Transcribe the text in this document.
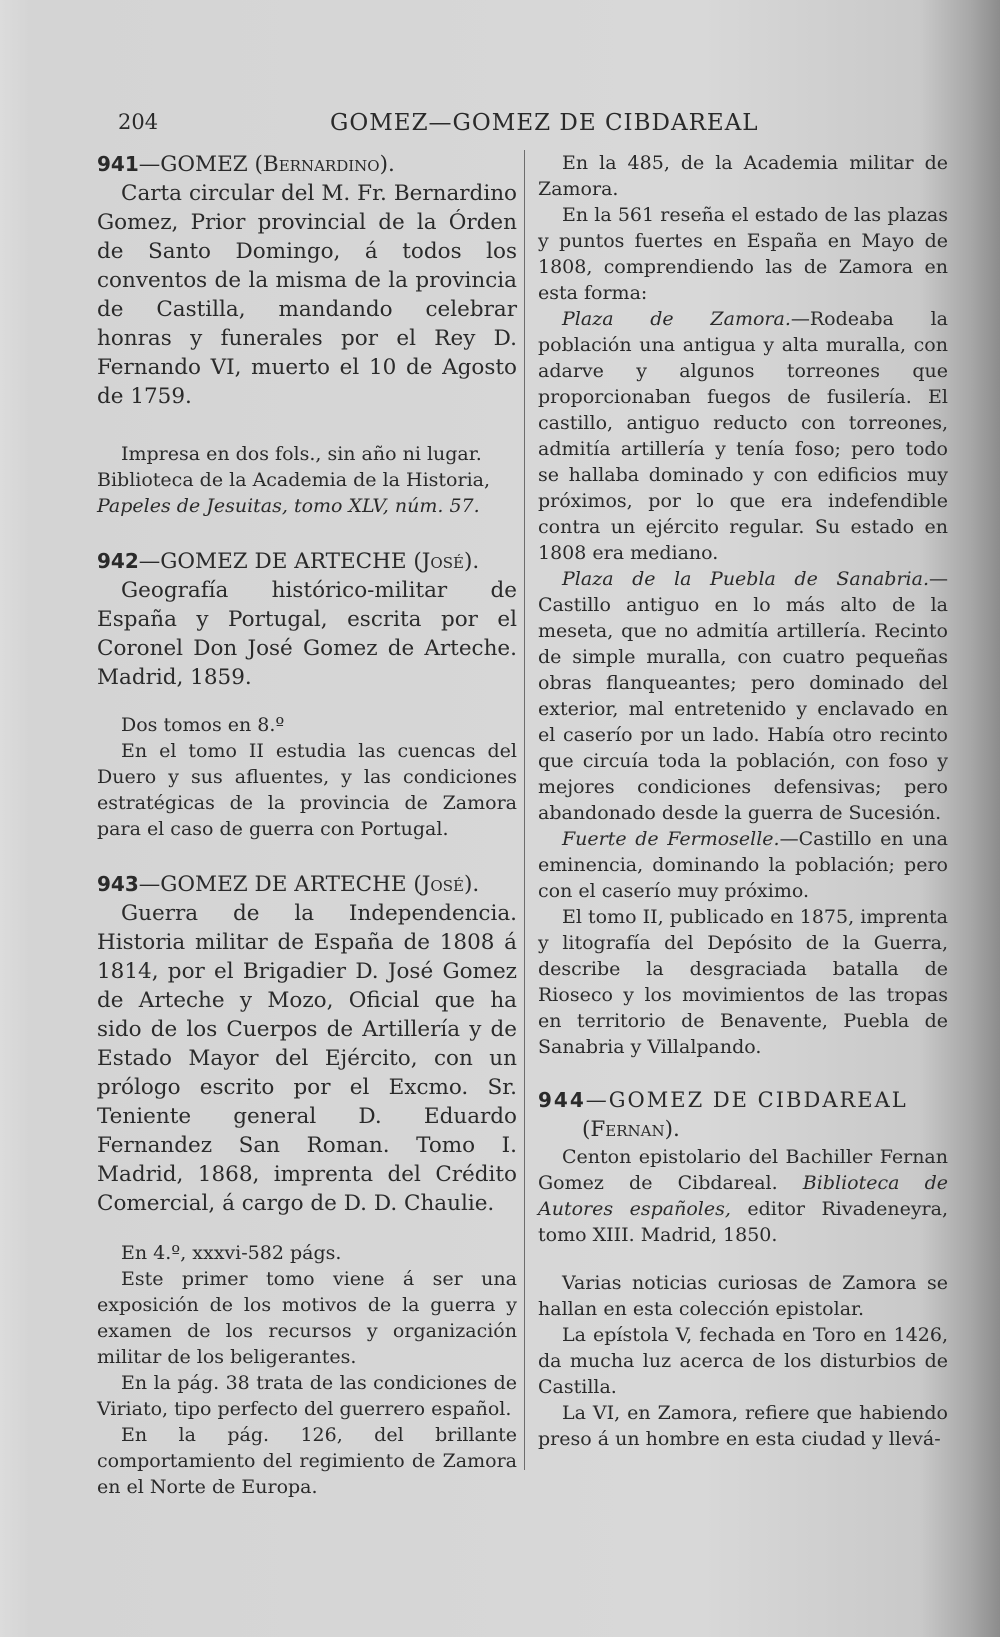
204	GOMEZ—GOMEZ DE CIBDAREAL
941—GOMEZ (Bernardino).

Carta circular del M. Fr. Bernardino Gomez, Prior provincial de la Órden de Santo Domingo, á todos los conventos de la misma de la provincia de Castilla, mandando celebrar honras y funerales por el Rey D. Fernando VI, muerto el 10 de Agosto de 1759.

Impresa en dos fols., sin año ni lugar.

Biblioteca de la Academia de la Historia,

Papeles de Jesuitas, tomo XLV, núm. 57.

942—GOMEZ DE ARTECHE (José).

Geografía histórico-militar de España y Portugal, escrita por el Coronel Don José Gomez de Arteche. Madrid, 1859.

Dos tomos en 8.º

En el tomo II estudia las cuencas del Duero y sus afluentes, y las condiciones estratégicas de la provincia de Zamora para el caso de guerra con Portugal.

943—GOMEZ DE ARTECHE (José).

Guerra de la Independencia. Historia militar de España de 1808 á 1814, por el Brigadier D. José Gomez de Arteche y Mozo, Oficial que ha sido de los Cuerpos de Artillería y de Estado Mayor del Ejército, con un prólogo escrito por el Excmo. Sr. Teniente general D. Eduardo Fernandez San Roman. Tomo I. Madrid, 1868, imprenta del Crédito Comercial, á cargo de D. D. Chaulie.

En 4.º, xxxvi-582 págs.

Este primer tomo viene á ser una exposición de los motivos de la guerra y examen de los recursos y organización militar de los beligerantes.

En la pág. 38 trata de las condiciones de Viriato, tipo perfecto del guerrero español.

En la pág. 126, del brillante comportamiento del regimiento de Zamora en el Norte de Europa.

En la 485, de la Academia militar de Zamora.

En la 561 reseña el estado de las plazas y puntos fuertes en España en Mayo de 1808, comprendiendo las de Zamora en esta forma:

Plaza de Zamora.—Rodeaba la población una antigua y alta muralla, con adarve y algunos torreones que proporcionaban fuegos de fusilería. El castillo, antiguo reducto con torreones, admitía artillería y tenía foso; pero todo se hallaba dominado y con edificios muy próximos, por lo que era indefendible contra un ejército regular. Su estado en 1808 era mediano.

Plaza de la Puebla de Sanabria.—Castillo antiguo en lo más alto de la meseta, que no admitía artillería. Recinto de simple muralla, con cuatro pequeñas obras flanqueantes; pero dominado del exterior, mal entretenido y enclavado en el caserío por un lado. Había otro recinto que circuía toda la población, con foso y mejores condiciones defensivas; pero abandonado desde la guerra de Sucesión.

Fuerte de Fermoselle.—Castillo en una eminencia, dominando la población; pero con el caserío muy próximo.

El tomo II, publicado en 1875, imprenta y litografía del Depósito de la Guerra, describe la desgraciada batalla de Rioseco y los movimientos de las tropas en territorio de Benavente, Puebla de Sanabria y Villalpando.

944—GOMEZ DE CIBDAREAL
(Fernan).

Centon epistolario del Bachiller Fernan Gomez de Cibdareal. Biblioteca de Autores españoles, editor Rivadeneyra, tomo XIII. Madrid, 1850.

Varias noticias curiosas de Zamora se hallan en esta colección epistolar.

La epístola V, fechada en Toro en 1426, da mucha luz acerca de los disturbios de Castilla.

La VI, en Zamora, refiere que habiendo preso á un hombre en esta ciudad y llevá-
